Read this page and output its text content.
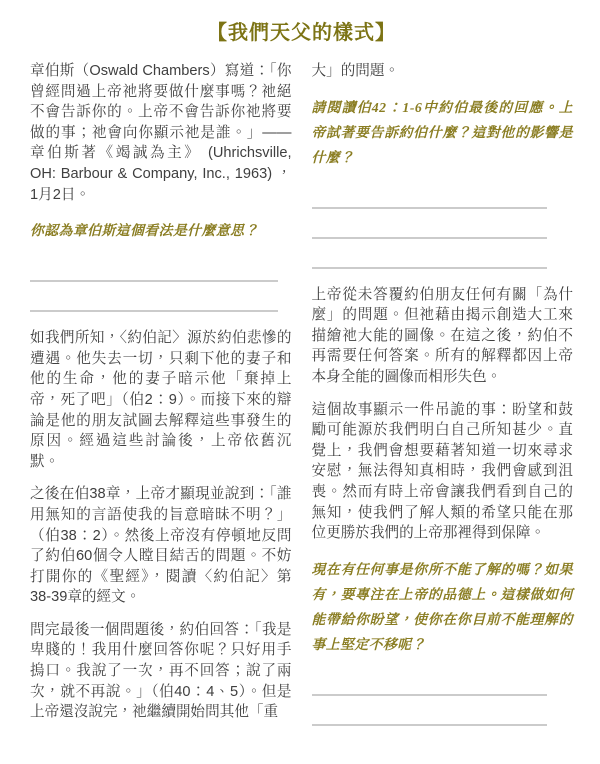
【我們天父的樣式】

章伯斯（Oswald Chambers）寫道：「你曾經問過上帝祂將要做什麼事嗎？祂絕不會告訴你的。上帝不會告訴你祂將要做的事；祂會向你顯示祂是誰。」——章伯斯著《竭誠為主》 (Uhrichsville, OH: Barbour & Company, Inc., 1963) ，1月2日。

你認為章伯斯這個看法是什麼意思？

如我們所知，〈約伯記〉源於約伯悲慘的遭遇。他失去一切，只剩下他的妻子和他的生命，他的妻子暗示他「棄掉上帝，死了吧」（伯2：9）。而接下來的辯論是他的朋友試圖去解釋這些事發生的原因。經過這些討論後，上帝依舊沉默。

之後在伯38章，上帝才顯現並說到：「誰用無知的言語使我的旨意暗昧不明？」（伯38：2）。然後上帝沒有停頓地反問了約伯60個令人瞠目結舌的問題。不妨打開你的《聖經》，閱讀〈約伯記〉第38-39章的經文。

問完最後一個問題後，約伯回答：「我是卑賤的！我用什麼回答你呢？只好用手摀口。我說了一次，再不回答；說了兩次，就不再說。」（伯40：4、5）。但是上帝還沒說完，祂繼續開始問其他「重

大」的問題。

請閱讀伯42：1-6中約伯最後的回應。上帝試著要告訴約伯什麼？這對他的影響是什麼？

上帝從未答覆約伯朋友任何有關「為什麼」的問題。但祂藉由揭示創造大工來描繪祂大能的圖像。在這之後，約伯不再需要任何答案。所有的解釋都因上帝本身全能的圖像而相形失色。

這個故事顯示一件吊詭的事：盼望和鼓勵可能源於我們明白自己所知甚少。直覺上，我們會想要藉著知道一切來尋求安慰，無法得知真相時，我們會感到沮喪。然而有時上帝會讓我們看到自己的無知，使我們了解人類的希望只能在那位更勝於我們的上帝那裡得到保障。

現在有任何事是你所不能了解的嗎？如果有，要專注在上帝的品德上。這樣做如何能帶給你盼望，使你在你目前不能理解的事上堅定不移呢？
